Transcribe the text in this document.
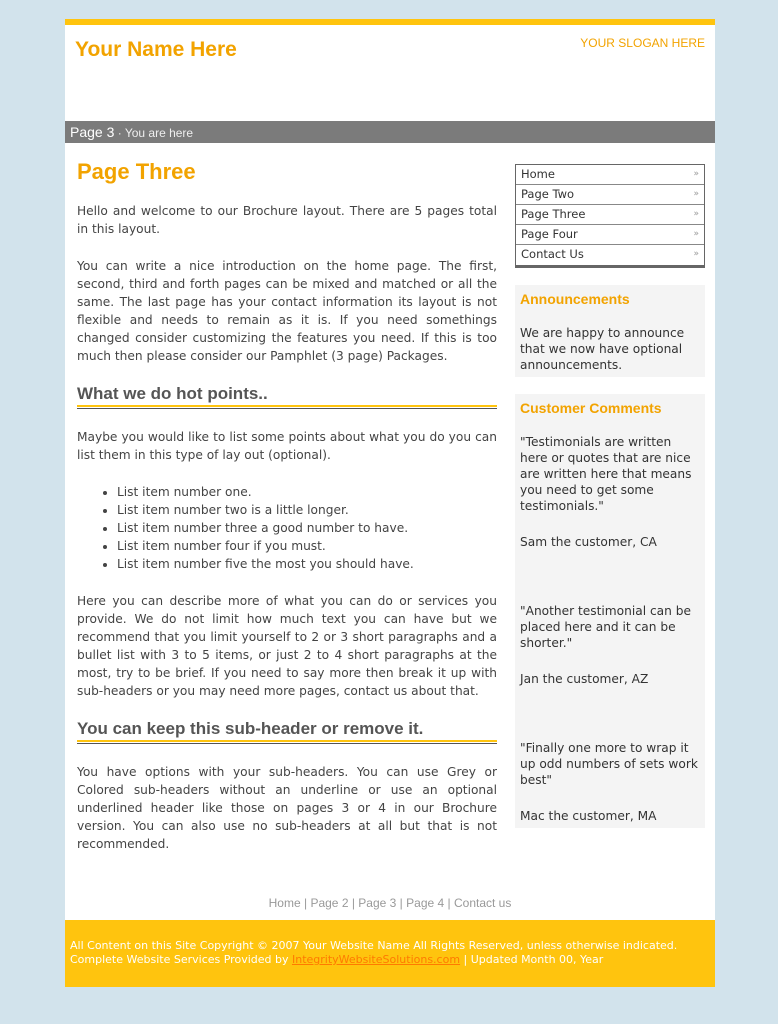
Your Name Here	YOUR SLOGAN HERE
Page 3 · You are here
Page Three

Hello and welcome to our Brochure layout. There are 5 pages total in this layout.

You can write a nice introduction on the home page. The first, second, third and forth pages can be mixed and matched or all the same. The last page has your contact information its layout is not flexible and needs to remain as it is. If you need somethings changed consider customizing the features you need. If this is too much then please consider our Pamphlet (3 page) Packages.

What we do hot points..

Maybe you would like to list some points about what you do you can list them in this type of lay out (optional).

• List item number one.
• List item number two is a little longer.
• List item number three a good number to have.
• List item number four if you must.
• List item number five the most you should have.

Here you can describe more of what you can do or services you provide. We do not limit how much text you can have but we recommend that you limit yourself to 2 or 3 short paragraphs and a bullet list with 3 to 5 items, or just 2 to 4 short paragraphs at the most, try to be brief. If you need to say more then break it up with sub-headers or you may need more pages, contact us about that.

You can keep this sub-header or remove it.

You have options with your sub-headers. You can use Grey or Colored sub-headers without an underline or use an optional underlined header like those on pages 3 or 4 in our Brochure version. You can also use no sub-headers at all but that is not recommended.

Home	»
Page Two	»
Page Three	»
Page Four	»
Contact Us	»
Announcements

We are happy to announce that we now have optional announcements.

Customer Comments

"Testimonials are written here or quotes that are nice are written here that means you need to get some testimonials."

Sam the customer, CA

"Another testimonial can be placed here and it can be shorter."

Jan the customer, AZ

"Finally one more to wrap it up odd numbers of sets work best"

Mac the customer, MA

Home | Page 2 | Page 3 | Page 4 | Contact us
All Content on this Site Copyright © 2007 Your Website Name All Rights Reserved, unless otherwise indicated.
Complete Website Services Provided by IntegrityWebsiteSolutions.com | Updated Month 00, Year
